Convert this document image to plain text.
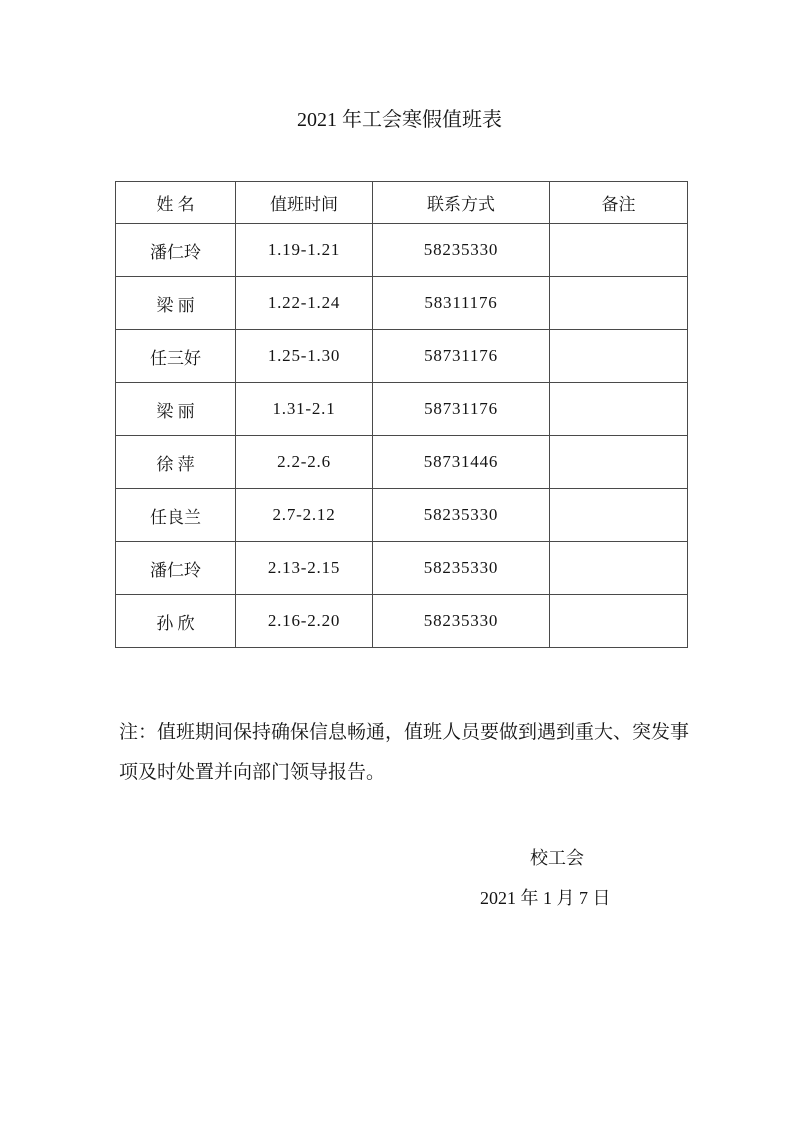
2021 年工会寒假值班表
姓 名	值班时间	联系方式	备注
潘仁玲	1.19-1.21	58235330	
梁 丽	1.22-1.24	58311176	
任三好	1.25-1.30	58731176	
梁 丽	1.31-2.1	58731176	
徐 萍	2.2-2.6	58731446	
任良兰	2.7-2.12	58235330	
潘仁玲	2.13-2.15	58235330	
孙 欣	2.16-2.20	58235330	
注：值班期间保持确保信息畅通，值班人员要做到遇到重大、突发事
项及时处置并向部门领导报告。
校工会
2021 年 1 月 7 日
